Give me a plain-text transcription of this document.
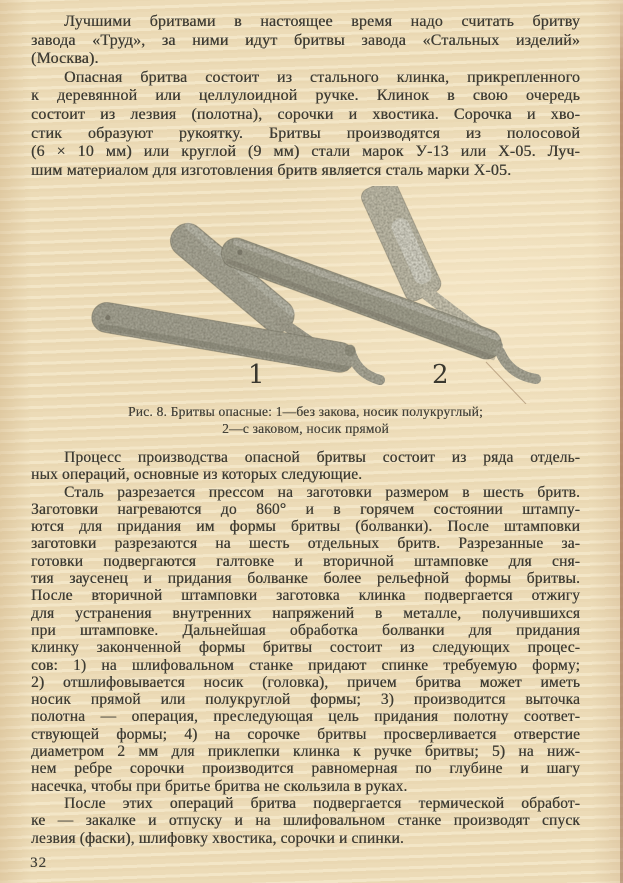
Лучшими бритвами в настоящее время надо считать бритву
завода «Труд», за ними идут бритвы завода «Стальных изделий»
(Москва).
Опасная бритва состоит из стального клинка, прикрепленного
к деревянной или целлулоидной ручке. Клинок в свою очередь
состоит из лезвия (полотна), сорочки и хвостика. Сорочка и хво-
стик образуют рукоятку. Бритвы производятся из полосовой
(6 × 10 мм) или круглой (9 мм) стали марок У-13 или Х-05. Луч-
шим материалом для изготовления бритв является сталь марки Х-05.
1	2
Рис. 8. Бритвы опасные: 1—без закова, носик полукруглый;
2—с заковом, носик прямой
Процесс производства опасной бритвы состоит из ряда отдель-
ных операций, основные из которых следующие.
Сталь разрезается прессом на заготовки размером в шесть бритв.
Заготовки нагреваются до 860° и в горячем состоянии штампу-
ются для придания им формы бритвы (болванки). После штамповки
заготовки разрезаются на шесть отдельных бритв. Разрезанные за-
готовки подвергаются галтовке и вторичной штамповке для сня-
тия заусенец и придания болванке более рельефной формы бритвы.
После вторичной штамповки заготовка клинка подвергается отжигу
для устранения внутренних напряжений в металле, получившихся
при штамповке. Дальнейшая обработка болванки для придания
клинку законченной формы бритвы состоит из следующих процес-
сов: 1) на шлифовальном станке придают спинке требуемую форму;
2) отшлифовывается носик (головка), причем бритва может иметь
носик прямой или полукруглой формы; 3) производится выточка
полотна — операция, преследующая цель придания полотну соответ-
ствующей формы; 4) на сорочке бритвы просверливается отверстие
диаметром 2 мм для приклепки клинка к ручке бритвы; 5) на ниж-
нем ребре сорочки производится равномерная по глубине и шагу
насечка, чтобы при бритье бритва не скользила в руках.
После этих операций бритва подвергается термической обработ-
ке — закалке и отпуску и на шлифовальном станке производят спуск
лезвия (фаски), шлифовку хвостика, сорочки и спинки.
32
